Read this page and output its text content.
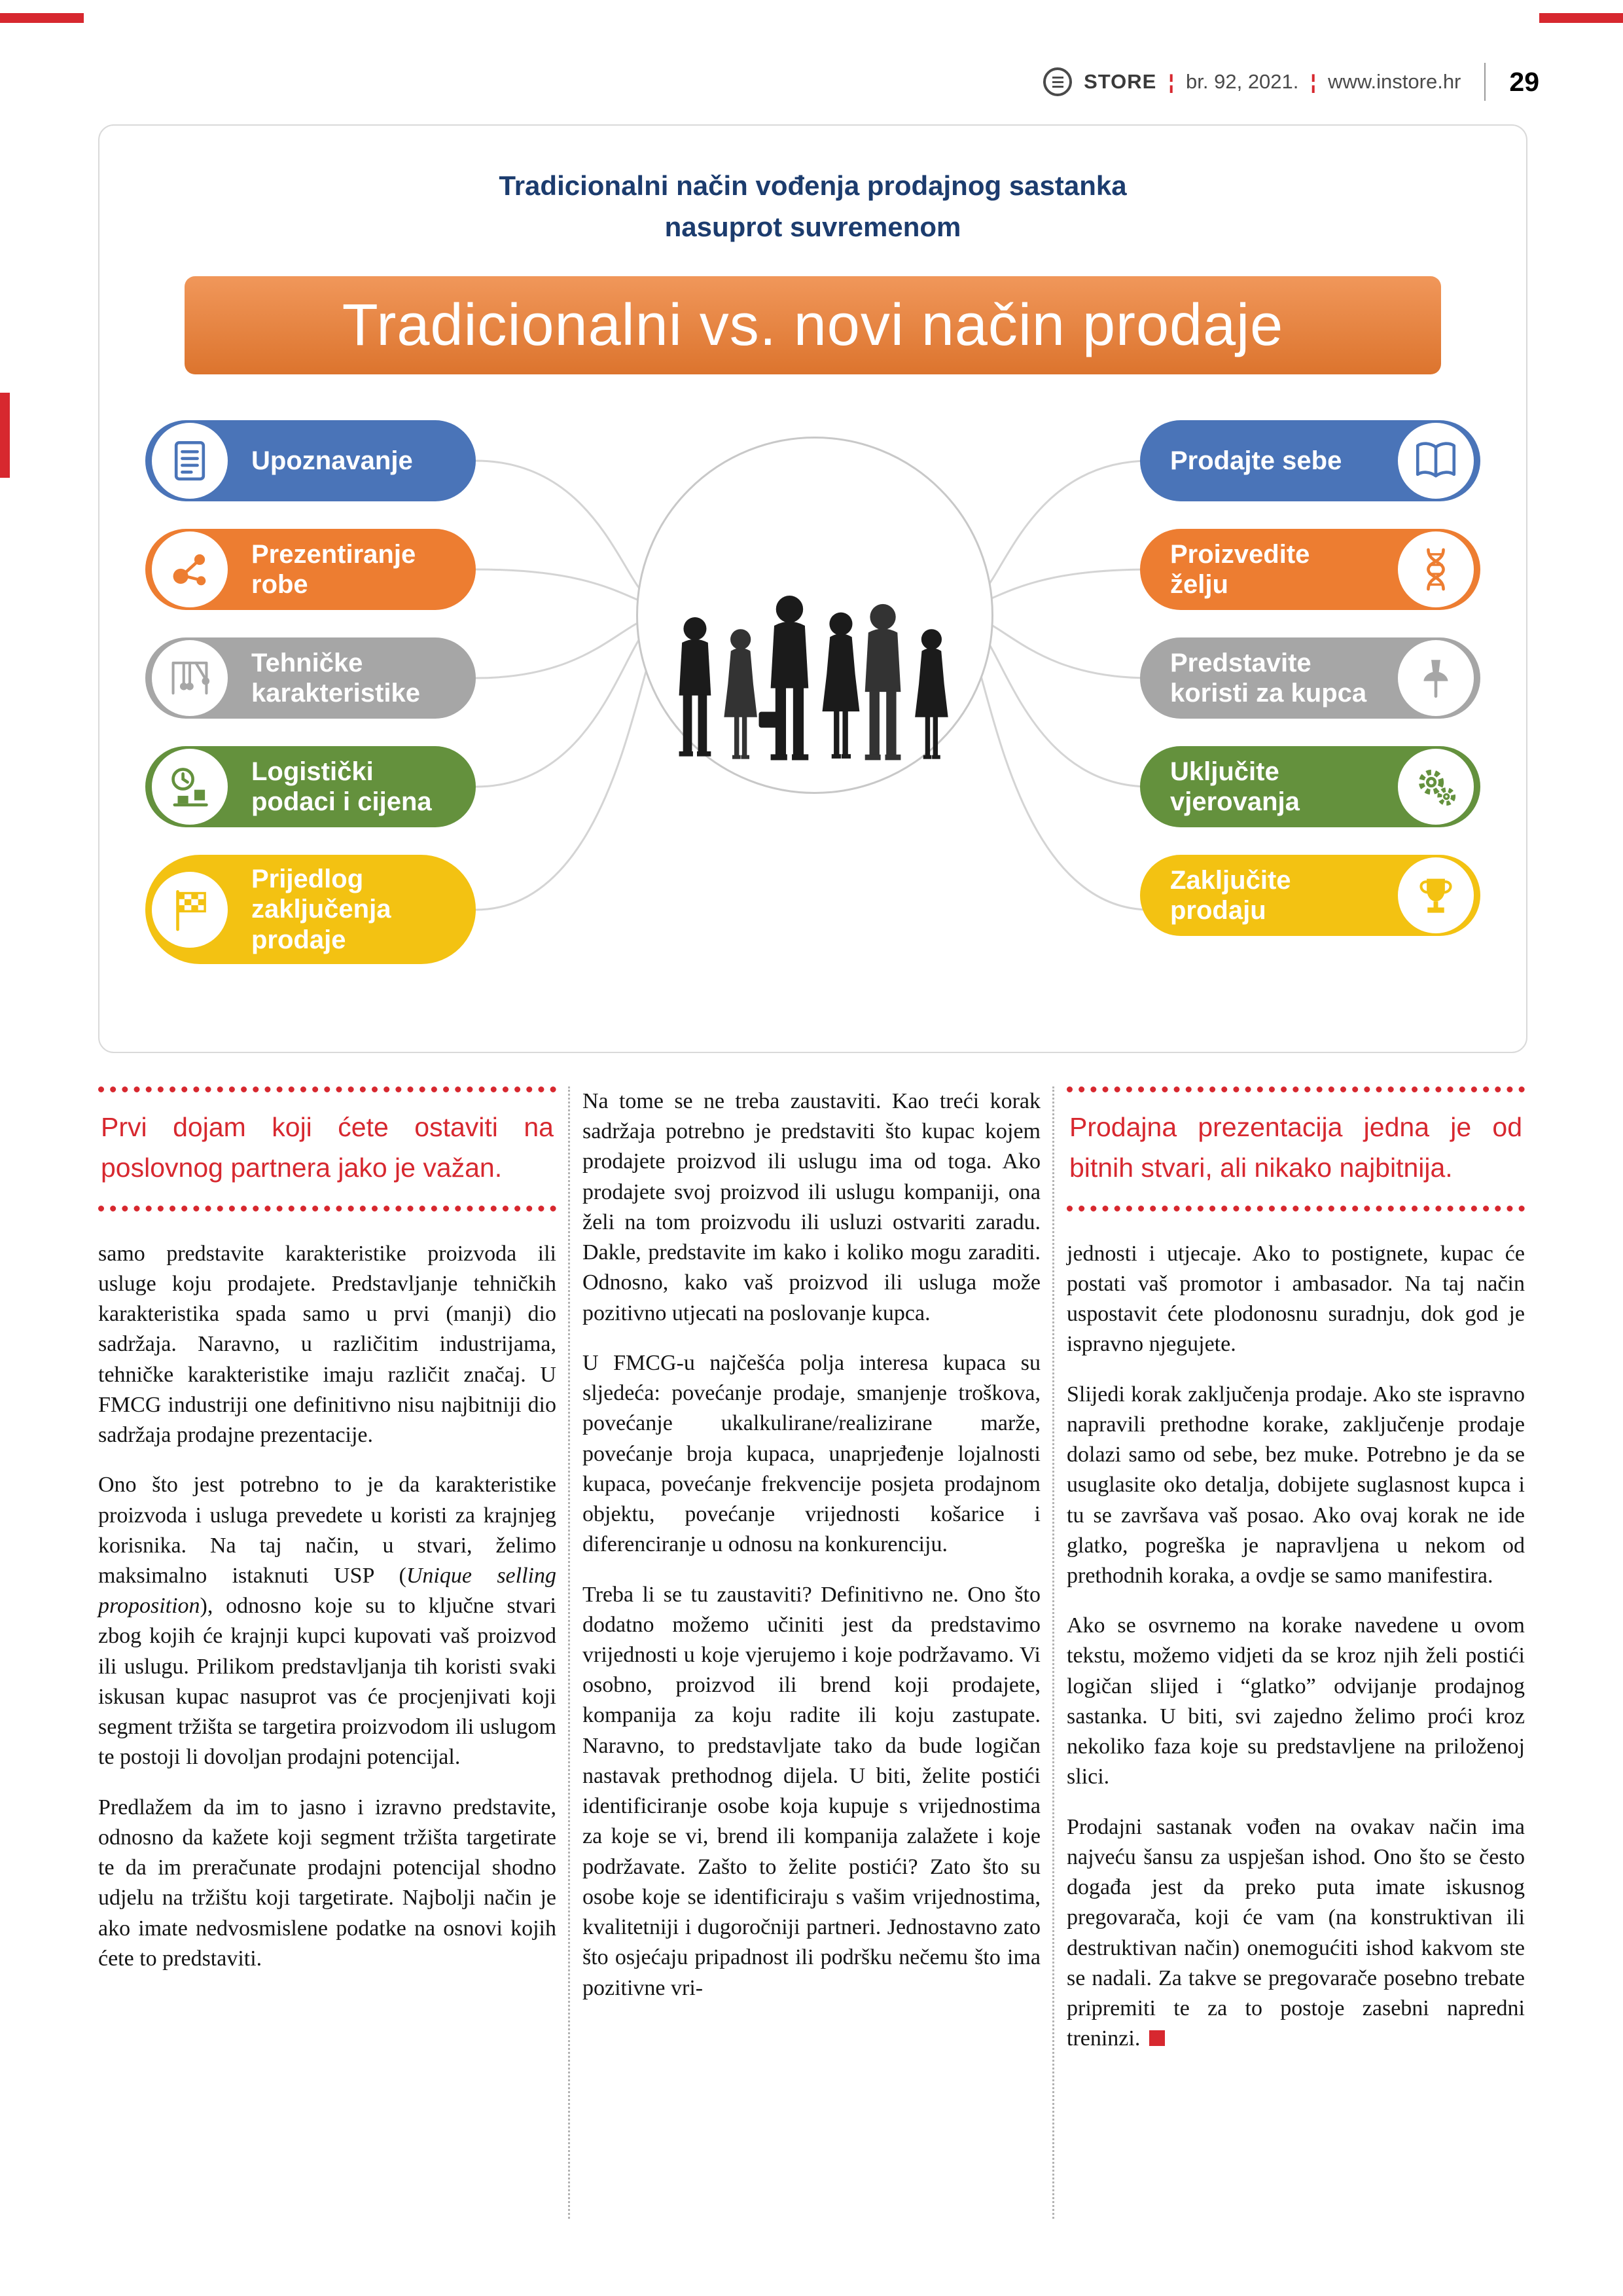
STORE ¦ br. 92, 2021. ¦ www.instore.hr 29
Tradicionalni način vođenja prodajnog sastanka
nasuprot suvremenom
Tradicionalni vs. novi način prodaje
Upoznavanje
Prezentiranje robe
Tehničke karakteristike
Logistički podaci i cijena
Prijedlog zaključenja prodaje
Prodajte sebe
Proizvedite želju
Predstavite koristi za kupca
Uključite vjerovanja
Zaključite prodaju
Prvi dojam koji ćete ostaviti na poslovnog partnera jako je važan.

samo predstavite karakteristike proizvoda ili usluge koju prodajete. Predstavljanje tehničkih karakteristika spada samo u prvi (manji) dio sadržaja. Naravno, u različitim industrijama, tehničke karakteristike imaju različit značaj. U FMCG industriji one definitivno nisu najbitniji dio sadržaja prodajne prezentacije.

Ono što jest potrebno to je da karakteristike proizvoda i usluga prevedete u koristi za krajnjeg korisnika. Na taj način, u stvari, želimo maksimalno istaknuti USP (Unique selling proposition), odnosno koje su to ključne stvari zbog kojih će krajnji kupci kupovati vaš proizvod ili uslugu. Prilikom predstavljanja tih koristi svaki iskusan kupac nasuprot vas će procjenjivati koji segment tržišta se targetira proizvodom ili uslugom te postoji li dovoljan prodajni potencijal.

Predlažem da im to jasno i izravno predstavite, odnosno da kažete koji segment tržišta targetirate te da im preračunate prodajni potencijal shodno udjelu na tržištu koji targetirate. Najbolji način je ako imate nedvosmislene podatke na osnovi kojih ćete to predstaviti.

Na tome se ne treba zaustaviti. Kao treći korak sadržaja potrebno je predstaviti što kupac kojem prodajete proizvod ili uslugu ima od toga. Ako prodajete svoj proizvod ili uslugu kompaniji, ona želi na tom proizvodu ili usluzi ostvariti zaradu. Dakle, predstavite im kako i koliko mogu zaraditi. Odnosno, kako vaš proizvod ili usluga može pozitivno utjecati na poslovanje kupca.

U FMCG-u najčešća polja interesa kupaca su sljedeća: povećanje prodaje, smanjenje troškova, povećanje ukalkulirane/realizirane marže, povećanje broja kupaca, unaprjeđenje lojalnosti kupaca, povećanje frekvencije posjeta prodajnom objektu, povećanje vrijednosti košarice i diferenciranje u odnosu na konkurenciju.

Treba li se tu zaustaviti? Definitivno ne. Ono što dodatno možemo učiniti jest da predstavimo vrijednosti u koje vjerujemo i koje podržavamo. Vi osobno, proizvod ili brend koji prodajete, kompanija za koju radite ili koju zastupate. Naravno, to predstavljate tako da bude logičan nastavak prethodnog dijela. U biti, želite postići identificiranje osobe koja kupuje s vrijednostima za koje se vi, brend ili kompanija zalažete i koje podržavate. Zašto to želite postići? Zato što su osobe koje se identificiraju s vašim vrijednostima, kvalitetniji i dugoročniji partneri. Jednostavno zato što osjećaju pripadnost ili podršku nečemu što ima pozitivne vri-

Prodajna prezentacija jedna je od bitnih stvari, ali nikako najbitnija.

jednosti i utjecaje. Ako to postignete, kupac će postati vaš promotor i ambasador. Na taj način uspostavit ćete plodonosnu suradnju, dok god je ispravno njegujete.

Slijedi korak zaključenja prodaje. Ako ste ispravno napravili prethodne korake, zaključenje prodaje dolazi samo od sebe, bez muke. Potrebno je da se usuglasite oko detalja, dobijete suglasnost kupca i tu se završava vaš posao. Ako ovaj korak ne ide glatko, pogreška je napravljena u nekom od prethodnih koraka, a ovdje se samo manifestira.

Ako se osvrnemo na korake navedene u ovom tekstu, možemo vidjeti da se kroz njih želi postići logičan slijed i “glatko” odvijanje prodajnog sastanka. U biti, svi zajedno želimo proći kroz nekoliko faza koje su predstavljene na priloženoj slici.

Prodajni sastanak vođen na ovakav način ima najveću šansu za uspješan ishod. Ono što se često događa jest da preko puta imate iskusnog pregovarača, koji će vam (na konstruktivan ili destruktivan način) onemogućiti ishod kakvom ste se nadali. Za takve se pregovarače posebno trebate pripremiti te za to postoje zasebni napredni treninzi.
